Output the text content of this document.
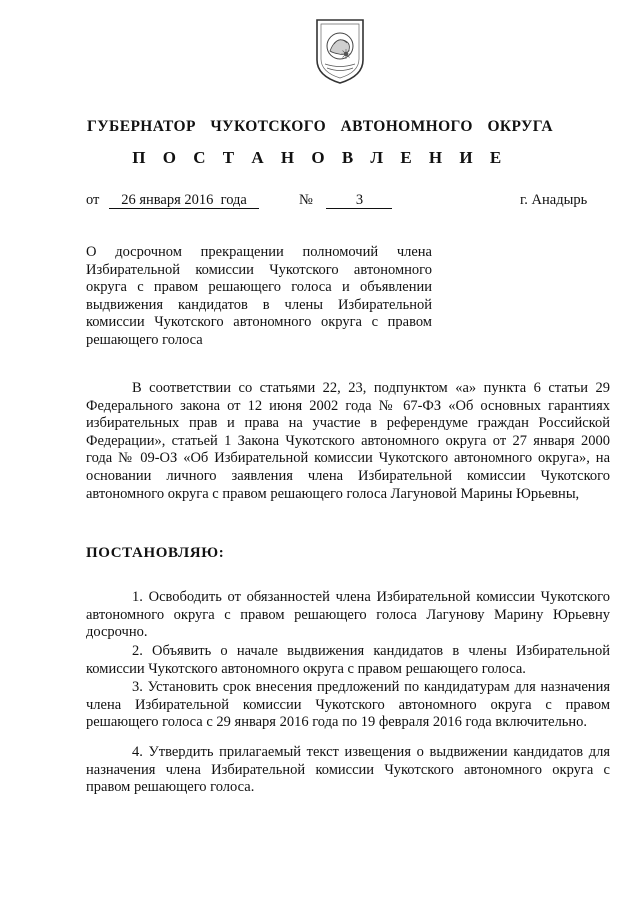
ГУБЕРНАТОР  ЧУКОТСКОГО  АВТОНОМНОГО  ОКРУГА
П О С Т А Н О В Л Е Н И Е
от 26 января 2016  года	№	3	г. Анадырь
О досрочном прекращении полномочий члена Избирательной комиссии Чукотского автономного округа с правом решающего голоса и объявлении выдвижения кандидатов в члены Избирательной комиссии Чукотского автономного округа с правом решающего голоса

В соответствии со статьями 22, 23, подпунктом «а» пункта 6 статьи 29 Федерального закона от 12 июня 2002 года № 67-ФЗ «Об основных гарантиях избирательных прав и права на участие в референдуме граждан Российской Федерации», статьей 1 Закона Чукотского автономного округа от 27 января 2000 года № 09-ОЗ «Об Избирательной комиссии Чукотского автономного округа», на основании личного заявления члена Избирательной комиссии Чукотского автономного округа с правом решающего голоса Лагуновой Марины Юрьевны,

ПОСТАНОВЛЯЮ:

1. Освободить от обязанностей члена Избирательной комиссии Чукотского автономного округа с правом решающего голоса Лагунову Марину Юрьевну досрочно.

2. Объявить о начале выдвижения кандидатов в члены Избирательной комиссии Чукотского автономного округа с правом решающего голоса.

3. Установить срок внесения предложений по кандидатурам для назначения члена Избирательной комиссии Чукотского автономного округа с правом решающего голоса с 29 января 2016 года по 19 февраля 2016 года включительно.

4. Утвердить прилагаемый текст извещения о выдвижении кандидатов для назначения члена Избирательной комиссии Чукотского автономного округа с правом решающего голоса.
